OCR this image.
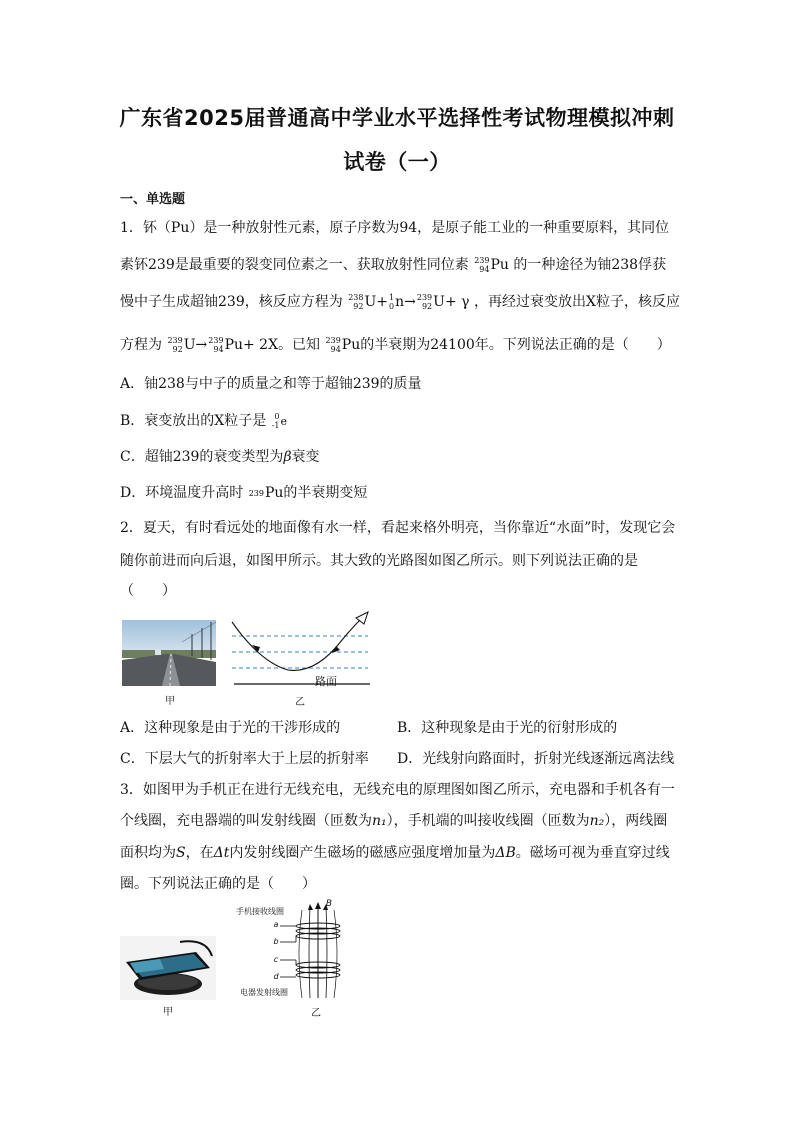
广东省2025届普通高中学业水平选择性考试物理模拟冲刺
试卷（一）
一、单选题
1．钚（Pu）是一种放射性元素，原子序数为94，是原子能工业的一种重要原料，其同位
素钚239是最重要的裂变同位素之一、获取放射性同位素 239
94 Pu 的一种途径为铀238俘获
慢中子生成超铀239，核反应方程为 238
92 U+ 1
0 n→ 239
92 U+ γ ，再经过衰变放出X粒子，核反应
方程为 239
92 U→ 239
94 Pu+ 2X。已知 239
94 Pu的半衰期为24100年。下列说法正确的是（　　）
A．铀238与中子的质量之和等于超铀239的质量
B．衰变放出的X粒子是	0
-1 e
C．超铀239的衰变类型为β衰变
D．环境温度升高时 239 Pu的半衰期变短
2．夏天，有时看远处的地面像有水一样，看起来格外明亮，当你靠近“水面”时，发现它会
随你前进而向后退，如图甲所示。其大致的光路图如图乙所示。则下列说法正确的是
（　　）
甲
路面
乙
A．这种现象是由于光的干涉形成的	B．这种现象是由于光的衍射形成的
C．下层大气的折射率大于上层的折射率	D．光线射向路面时，折射光线逐渐远离法线
3．如图甲为手机正在进行无线充电，无线充电的原理图如图乙所示，充电器和手机各有一
个线圈，充电器端的叫发射线圈（匝数为n₁），手机端的叫接收线圈（匝数为n₂），两线圈
面积均为S，在Δt内发射线圈产生磁场的磁感应强度增加量为ΔB。磁场可视为垂直穿过线
圈。下列说法正确的是（　　）
甲
手机接收线圈
B
a
b
c
d
电器发射线圈
乙
